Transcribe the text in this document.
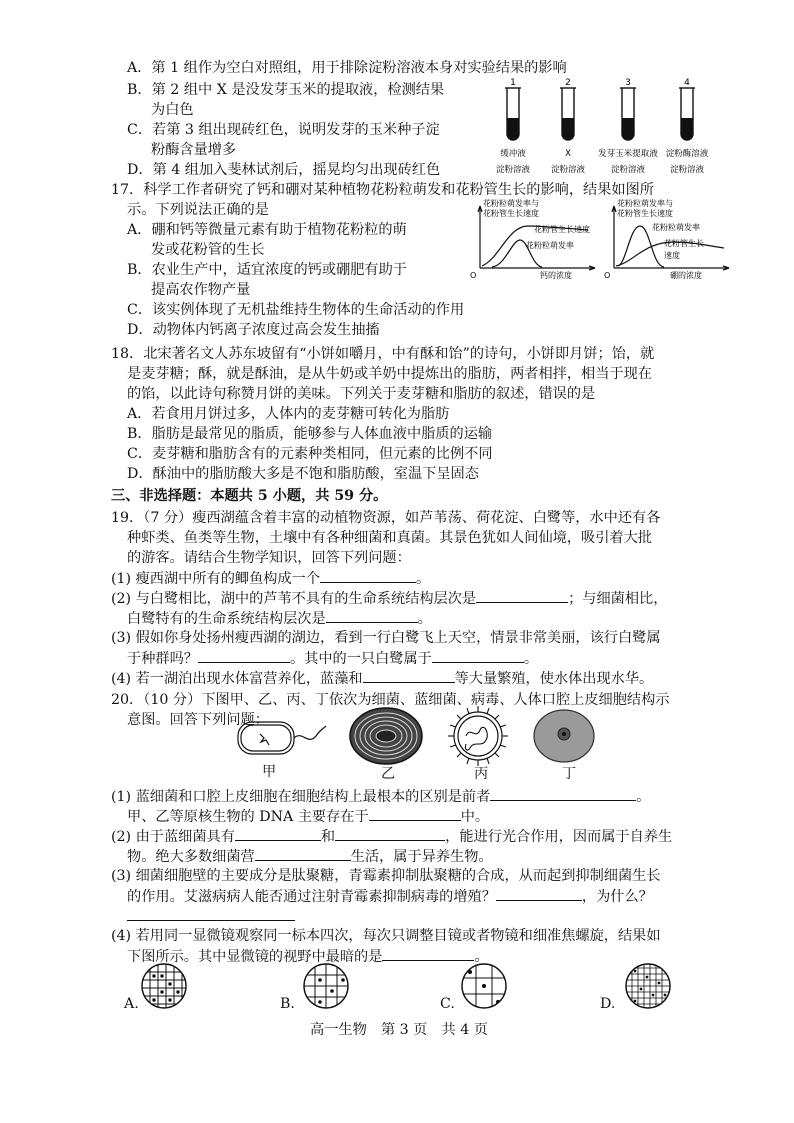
A．第 1 组作为空白对照组，用于排除淀粉溶液本身对实验结果的影响
B．第 2 组中 X 是没发芽玉米的提取液，检测结果
为白色
C．若第 3 组出现砖红色，说明发芽的玉米种子淀
粉酶含量增多
D．第 4 组加入斐林试剂后，摇晃均匀出现砖红色
1	2	3	4
缓冲液	X	发芽玉米提取液 淀粉酶溶液
淀粉溶液 淀粉溶液	淀粉溶液	淀粉溶液
17．科学工作者研究了钙和硼对某种植物花粉粒萌发和花粉管生长的影响，结果如图所
示。下列说法正确的是
A．硼和钙等微量元素有助于植物花粉粒的萌
发或花粉管的生长
B．农业生产中，适宜浓度的钙或硼肥有助于
提高农作物产量
C．该实例体现了无机盐维持生物体的生命活动的作用
D．动物体内钙离子浓度过高会发生抽搐
花粉粒萌发率与
花粉管生长速度
花粉管生长速度
花粉粒萌发率
钙的浓度
O
花粉粒萌发率与
花粉管生长速度
花粉粒萌发率
花粉管生长
速度
硼的浓度
O
18．北宋著名文人苏东坡留有“小饼如嚼月，中有酥和饴”的诗句，小饼即月饼；饴，就
是麦芽糖；酥，就是酥油，是从牛奶或羊奶中提炼出的脂肪，两者相拌，相当于现在
的馅，以此诗句称赞月饼的美味。下列关于麦芽糖和脂肪的叙述，错误的是
A．若食用月饼过多，人体内的麦芽糖可转化为脂肪
B．脂肪是最常见的脂质，能够参与人体血液中脂质的运输
C．麦芽糖和脂肪含有的元素种类相同，但元素的比例不同
D．酥油中的脂肪酸大多是不饱和脂肪酸，室温下呈固态
三、非选择题：本题共 5 小题，共 59 分。
19．（7 分）瘦西湖蕴含着丰富的动植物资源，如芦苇荡、荷花淀、白鹭等，水中还有各
种虾类、鱼类等生物，土壤中有各种细菌和真菌。其景色犹如人间仙境，吸引着大批
的游客。请结合生物学知识，回答下列问题：
(1) 瘦西湖中所有的鲫鱼构成一个	。
(2) 与白鹭相比，湖中的芦苇不具有的生命系统结构层次是	；与细菌相比，
白鹭特有的生命系统结构层次是	。
(3) 假如你身处扬州瘦西湖的湖边，看到一行白鹭飞上天空，情景非常美丽，该行白鹭属
于种群吗？	。其中的一只白鹭属于	。
(4) 若一湖泊出现水体富营养化，蓝藻和	等大量繁殖，使水体出现水华。
20．（10 分）下图甲、乙、丙、丁依次为细菌、蓝细菌、病毒、人体口腔上皮细胞结构示
意图。回答下列问题：
甲	乙	丙	丁
(1) 蓝细菌和口腔上皮细胞在细胞结构上最根本的区别是前者	。
甲、乙等原核生物的 DNA 主要存在于	中。
(2) 由于蓝细菌具有	和	，能进行光合作用，因而属于自养生
物。绝大多数细菌营	生活，属于异养生物。
(3) 细菌细胞壁的主要成分是肽聚糖，青霉素抑制肽聚糖的合成，从而起到抑制细菌生长
的作用。艾滋病病人能否通过注射青霉素抑制病毒的增殖？	，为什么？
(4) 若用同一显微镜观察同一标本四次，每次只调整目镜或者物镜和细准焦螺旋，结果如
下图所示。其中显微镜的视野中最暗的是	。
A.	B.	C.	D.
高一生物　第 3 页　共 4 页
